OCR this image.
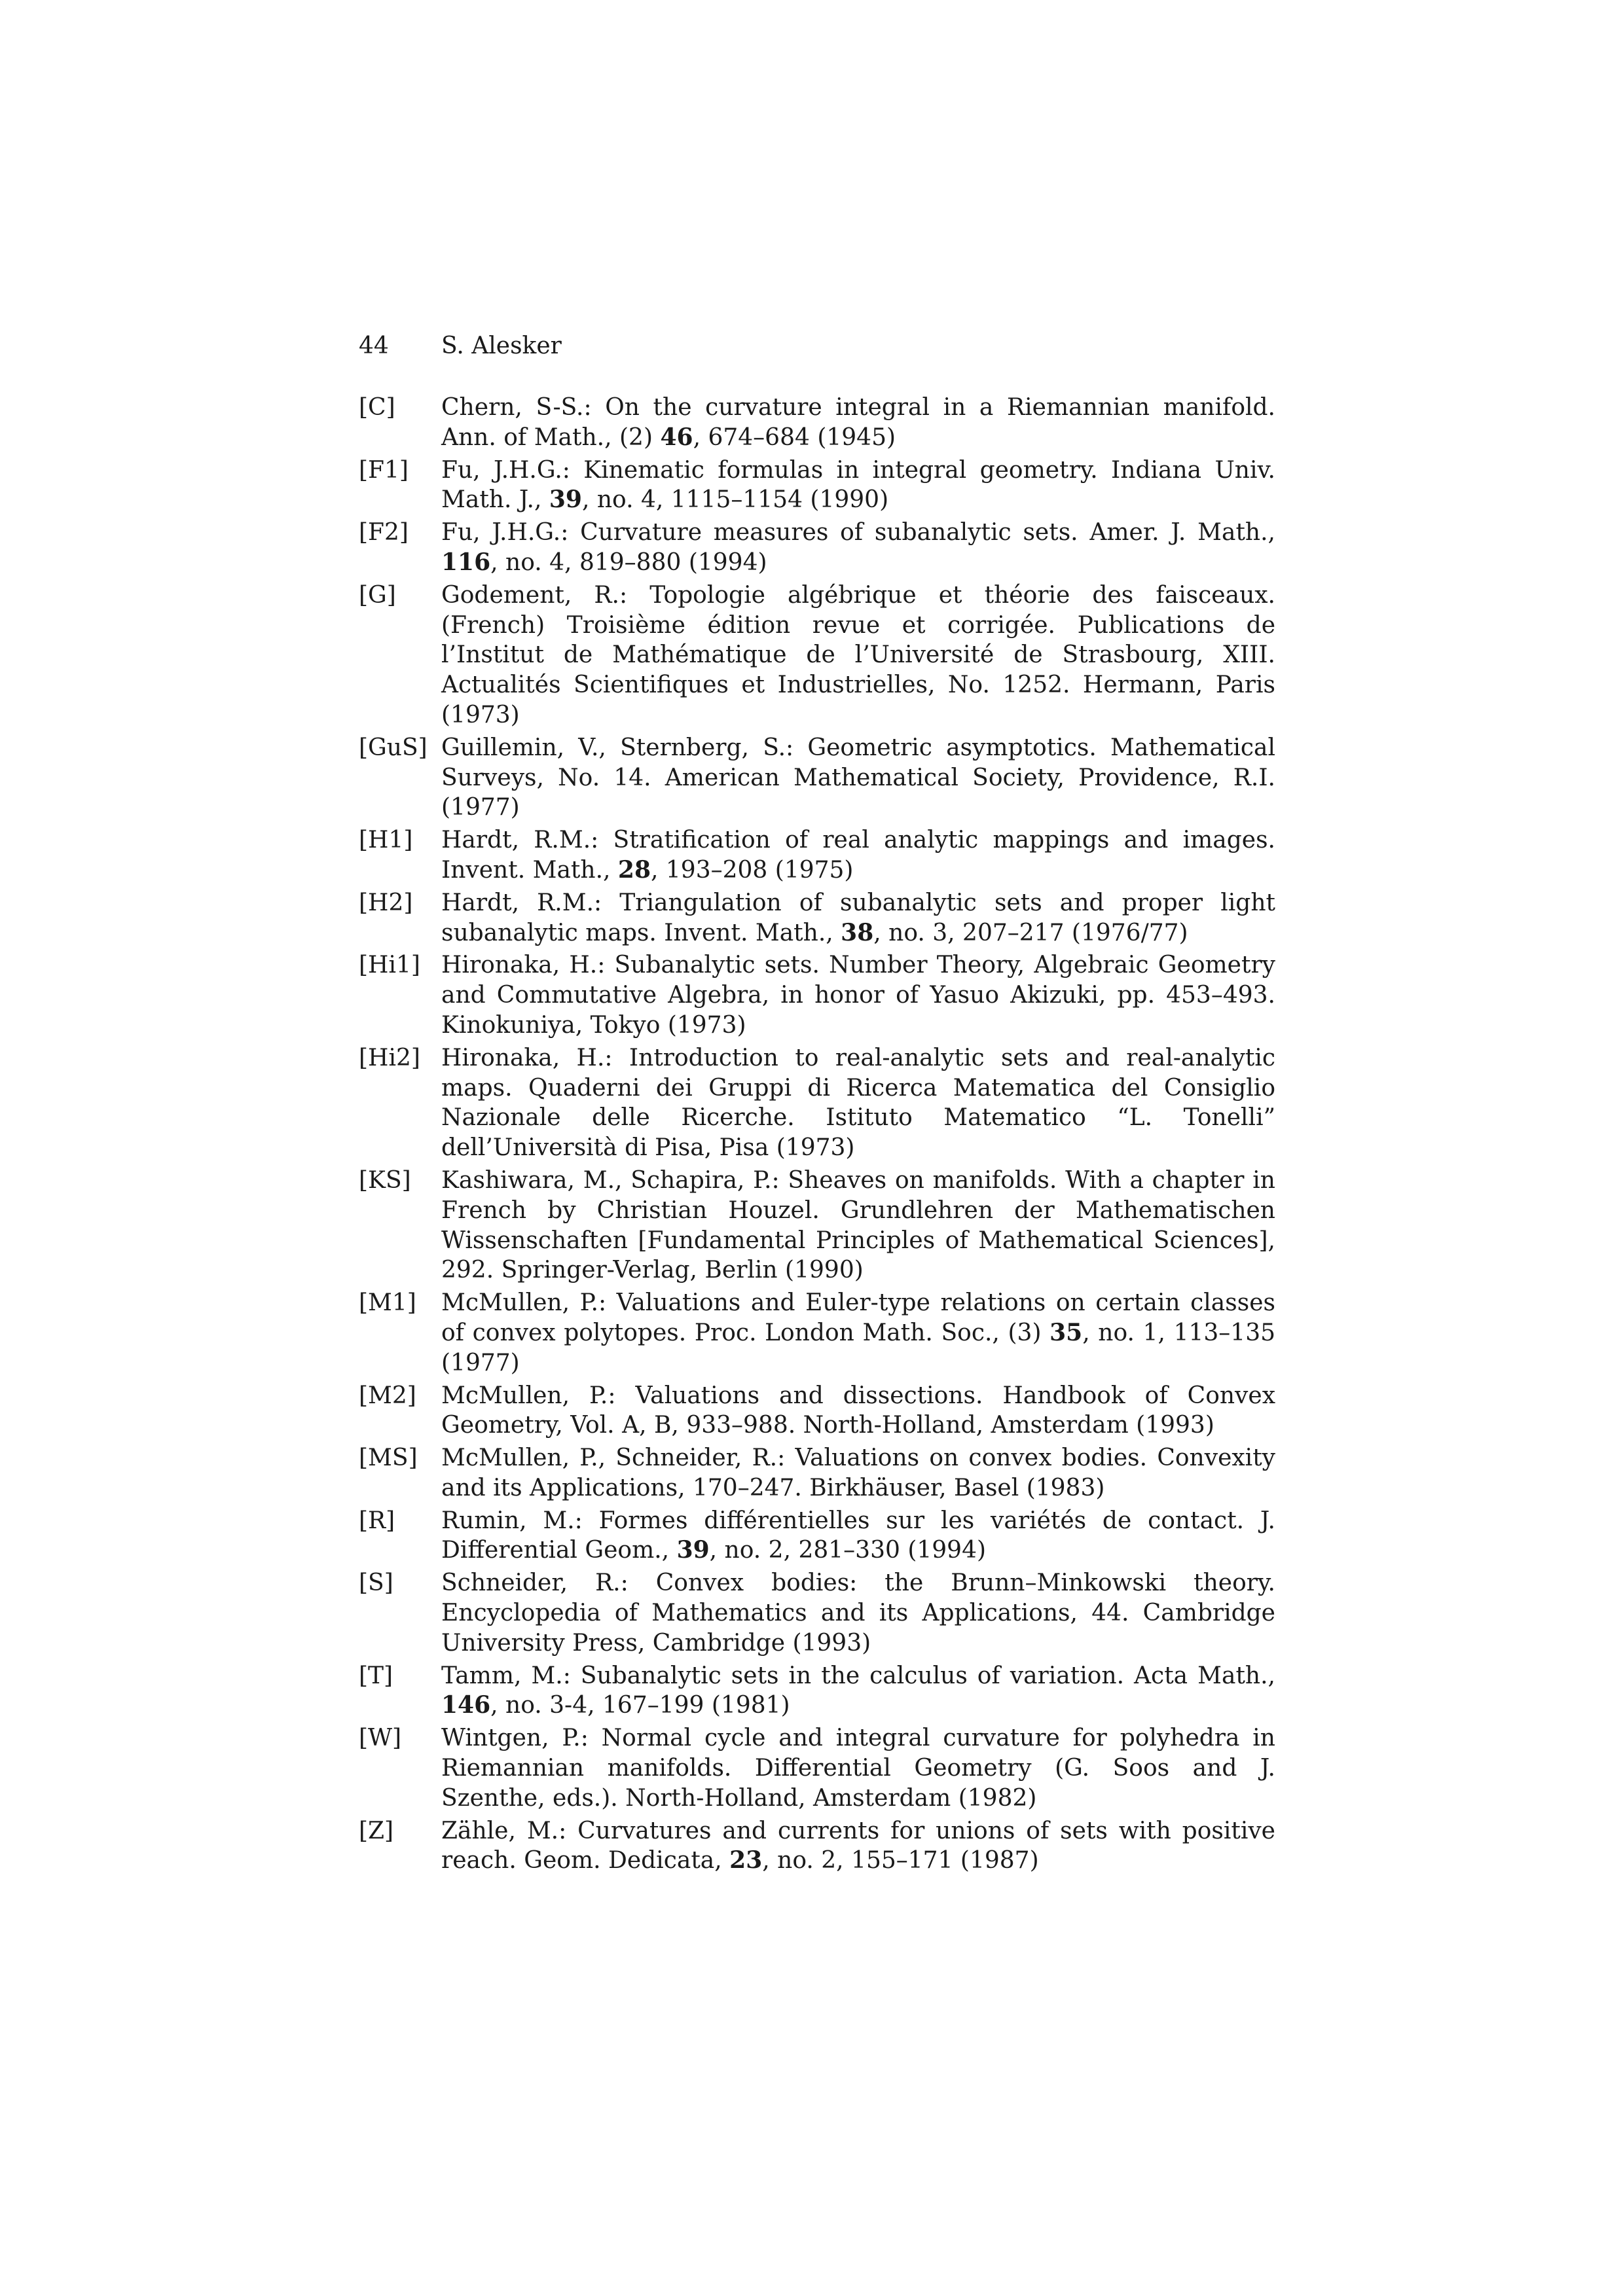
44 S. Alesker
[C]	Chern, S-S.: On the curvature integral in a Riemannian manifold. Ann. of Math., (2) 46, 674–684 (1945)
[F1]	Fu, J.H.G.: Kinematic formulas in integral geometry. Indiana Univ. Math. J., 39, no. 4, 1115–1154 (1990)
[F2]	Fu, J.H.G.: Curvature measures of subanalytic sets. Amer. J. Math., 116, no. 4, 819–880 (1994)
[G]	Godement, R.: Topologie algébrique et théorie des faisceaux. (French) Troisième édition revue et corrigée. Publications de l’Institut de Mathématique de l’Université de Strasbourg, XIII. Actualités Scientifiques et Industrielles, No. 1252. Hermann, Paris (1973)
[GuS] Guillemin, V., Sternberg, S.: Geometric asymptotics. Mathematical Surveys, No. 14. American Mathematical Society, Providence, R.I. (1977)
[H1]	Hardt, R.M.: Stratification of real analytic mappings and images. Invent. Math., 28, 193–208 (1975)
[H2]	Hardt, R.M.: Triangulation of subanalytic sets and proper light subanalytic maps. Invent. Math., 38, no. 3, 207–217 (1976/77)
[Hi1] Hironaka, H.: Subanalytic sets. Number Theory, Algebraic Geometry and Commutative Algebra, in honor of Yasuo Akizuki, pp. 453–493. Kinokuniya, Tokyo (1973)
[Hi2] Hironaka, H.: Introduction to real-analytic sets and real-analytic maps. Quaderni dei Gruppi di Ricerca Matematica del Consiglio Nazionale delle Ricerche. Istituto Matematico “L. Tonelli” dell’Università di Pisa, Pisa (1973)
[KS]	Kashiwara, M., Schapira, P.: Sheaves on manifolds. With a chapter in French by Christian Houzel. Grundlehren der Mathematischen Wissenschaften [Fundamental Principles of Mathematical Sciences], 292. Springer-Verlag, Berlin (1990)
[M1]	McMullen, P.: Valuations and Euler-type relations on certain classes of convex polytopes. Proc. London Math. Soc., (3) 35, no. 1, 113–135 (1977)
[M2]	McMullen, P.: Valuations and dissections. Handbook of Convex Geometry, Vol. A, B, 933–988. North-Holland, Amsterdam (1993)
[MS]	McMullen, P., Schneider, R.: Valuations on convex bodies. Convexity and its Applications, 170–247. Birkhäuser, Basel (1983)
[R]	Rumin, M.: Formes différentielles sur les variétés de contact. J. Differential Geom., 39, no. 2, 281–330 (1994)
[S]	Schneider, R.: Convex bodies: the Brunn–Minkowski theory. Encyclopedia of Mathematics and its Applications, 44. Cambridge University Press, Cambridge (1993)
[T]	Tamm, M.: Subanalytic sets in the calculus of variation. Acta Math., 146, no. 3-4, 167–199 (1981)
[W]	Wintgen, P.: Normal cycle and integral curvature for polyhedra in Riemannian manifolds. Differential Geometry (G. Soos and J. Szenthe, eds.). North-Holland, Amsterdam (1982)
[Z]	Zähle, M.: Curvatures and currents for unions of sets with positive reach. Geom. Dedicata, 23, no. 2, 155–171 (1987)
